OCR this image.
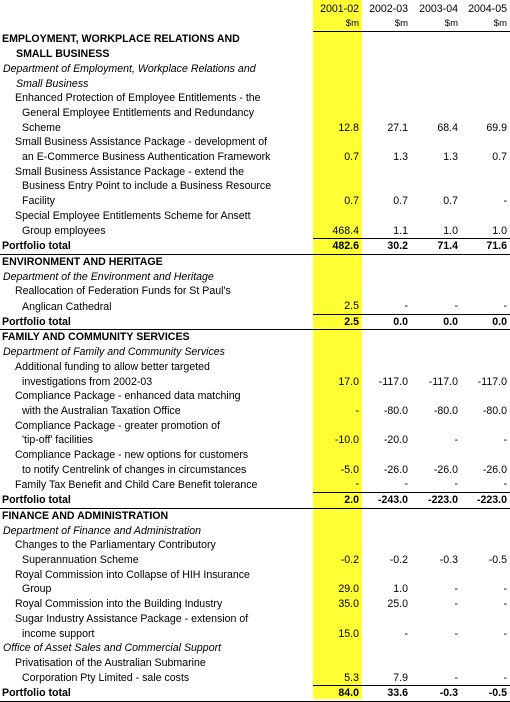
	2001-02	2002-03	2003-04	2004-05
	$m	$m	$m	$m
EMPLOYMENT, WORKPLACE RELATIONS AND				
SMALL BUSINESS				
Department of Employment, Workplace Relations and				
Small Business				
Enhanced Protection of Employee Entitlements - the				
General Employee Entitlements and Redundancy				
Scheme	12.8	27.1	68.4	69.9
Small Business Assistance Package - development of				
an E-Commerce Business Authentication Framework	0.7	1.3	1.3	0.7
Small Business Assistance Package - extend the				
Business Entry Point to include a Business Resource				
Facility	0.7	0.7	0.7	-
Special Employee Entitlements Scheme for Ansett				
Group employees	468.4	1.1	1.0	1.0
Portfolio total	482.6	30.2	71.4	71.6
ENVIRONMENT AND HERITAGE				
Department of the Environment and Heritage				
Reallocation of Federation Funds for St Paul's				
Anglican Cathedral	2.5	-	-	-
Portfolio total	2.5	0.0	0.0	0.0
FAMILY AND COMMUNITY SERVICES				
Department of Family and Community Services				
Additional funding to allow better targeted				
investigations from 2002-03	17.0	-117.0	-117.0	-117.0
Compliance Package - enhanced data matching				
with the Australian Taxation Office	-	-80.0	-80.0	-80.0
Compliance Package - greater promotion of				
'tip-off' facilities	-10.0	-20.0	-	-
Compliance Package - new options for customers				
to notify Centrelink of changes in circumstances	-5.0	-26.0	-26.0	-26.0
Family Tax Benefit and Child Care Benefit tolerance	-	-	-	-
Portfolio total	2.0	-243.0	-223.0	-223.0
FINANCE AND ADMINISTRATION				
Department of Finance and Administration				
Changes to the Parliamentary Contributory				
Superannuation Scheme	-0.2	-0.2	-0.3	-0.5
Royal Commission into Collapse of HIH Insurance				
Group	29.0	1.0	-	-
Royal Commission into the Building Industry	35.0	25.0	-	-
Sugar Industry Assistance Package - extension of				
income support	15.0	-	-	-
Office of Asset Sales and Commercial Support				
Privatisation of the Australian Submarine				
Corporation Pty Limited - sale costs	5.3	7.9	-	-
Portfolio total	84.0	33.6	-0.3	-0.5
